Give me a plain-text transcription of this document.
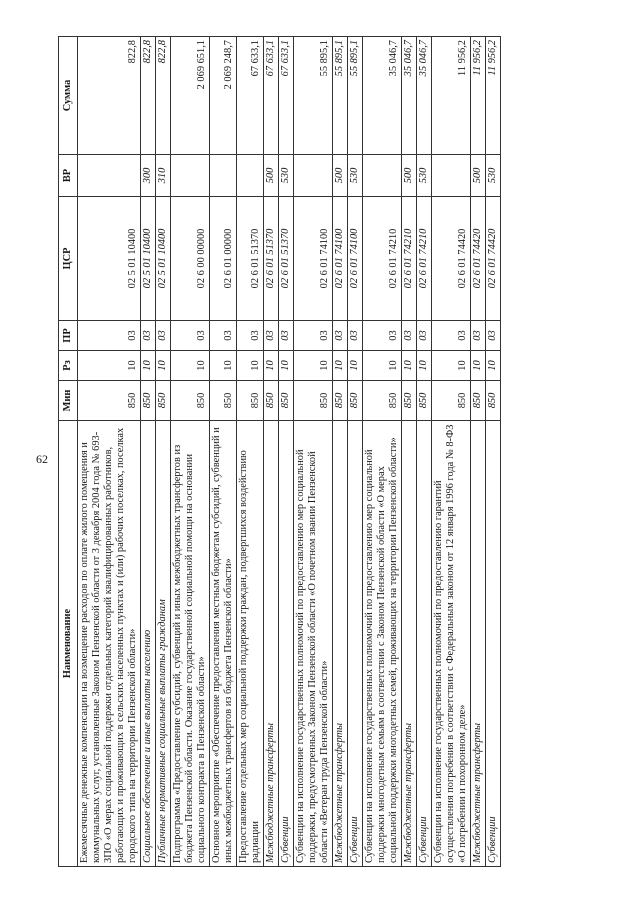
62
Наименование	Мин	Рз	ПР	ЦСР	ВР	Сумма
Ежемесячные денежные компенсации на возмещение расходов по оплате жилого помещения и коммунальных услуг, установленные Законом Пензенской области от 3 декабря 2004 года № 693-ЗПО «О мерах социальной поддержки отдельных категорий квалифицированных работников, работающих и проживающих в сельских населенных пунктах и (или) рабочих поселках, поселках городского типа на территории Пензенской области»	850	10	03	02 5 01 10400		822,8
Социальное обеспечение и иные выплаты населению	850	10	03	02 5 01 10400	300	822,8
Публичные нормативные социальные выплаты гражданам	850	10	03	02 5 01 10400	310	822,8
Подпрограмма «Предоставление субсидий, субвенций и иных межбюджетных трансфертов из бюджета Пензенской области. Оказание государственной социальной помощи на основании социального контракта в Пензенской области»	850	10	03	02 6 00 00000		2 069 651,1
Основное мероприятие «Обеспечение предоставления местным бюджетам субсидий, субвенций и иных межбюджетных трансфертов из бюджета Пензенской области»	850	10	03	02 6 01 00000		2 069 248,7
Предоставление отдельных мер социальной поддержки граждан, подвергшихся воздействию радиации	850	10	03	02 6 01 51370		67 633,1
Межбюджетные трансферты	850	10	03	02 6 01 51370	500	67 633,1
Субвенции	850	10	03	02 6 01 51370	530	67 633,1
Субвенции на исполнение государственных полномочий по предоставлению мер социальной поддержки, предусмотренных Законом Пензенской области «О почетном звании Пензенской области «Ветеран труда Пензенской области»	850	10	03	02 6 01 74100		55 895,1
Межбюджетные трансферты	850	10	03	02 6 01 74100	500	55 895,1
Субвенции	850	10	03	02 6 01 74100	530	55 895,1
Субвенции на исполнение государственных полномочий по предоставлению мер социальной поддержки многодетным семьям в соответствии с Законом Пензенской области «О мерах социальной поддержки многодетных семей, проживающих на территории Пензенской области»	850	10	03	02 6 01 74210		35 046,7
Межбюджетные трансферты	850	10	03	02 6 01 74210	500	35 046,7
Субвенции	850	10	03	02 6 01 74210	530	35 046,7
Субвенции на исполнение государственных полномочий по предоставлению гарантий осуществления погребения в соответствии с Федеральным законом от 12 января 1996 года № 8-ФЗ «О погребении и похоронном деле»	850	10	03	02 6 01 74420		11 956,2
Межбюджетные трансферты	850	10	03	02 6 01 74420	500	11 956,2
Субвенции	850	10	03	02 6 01 74420	530	11 956,2
